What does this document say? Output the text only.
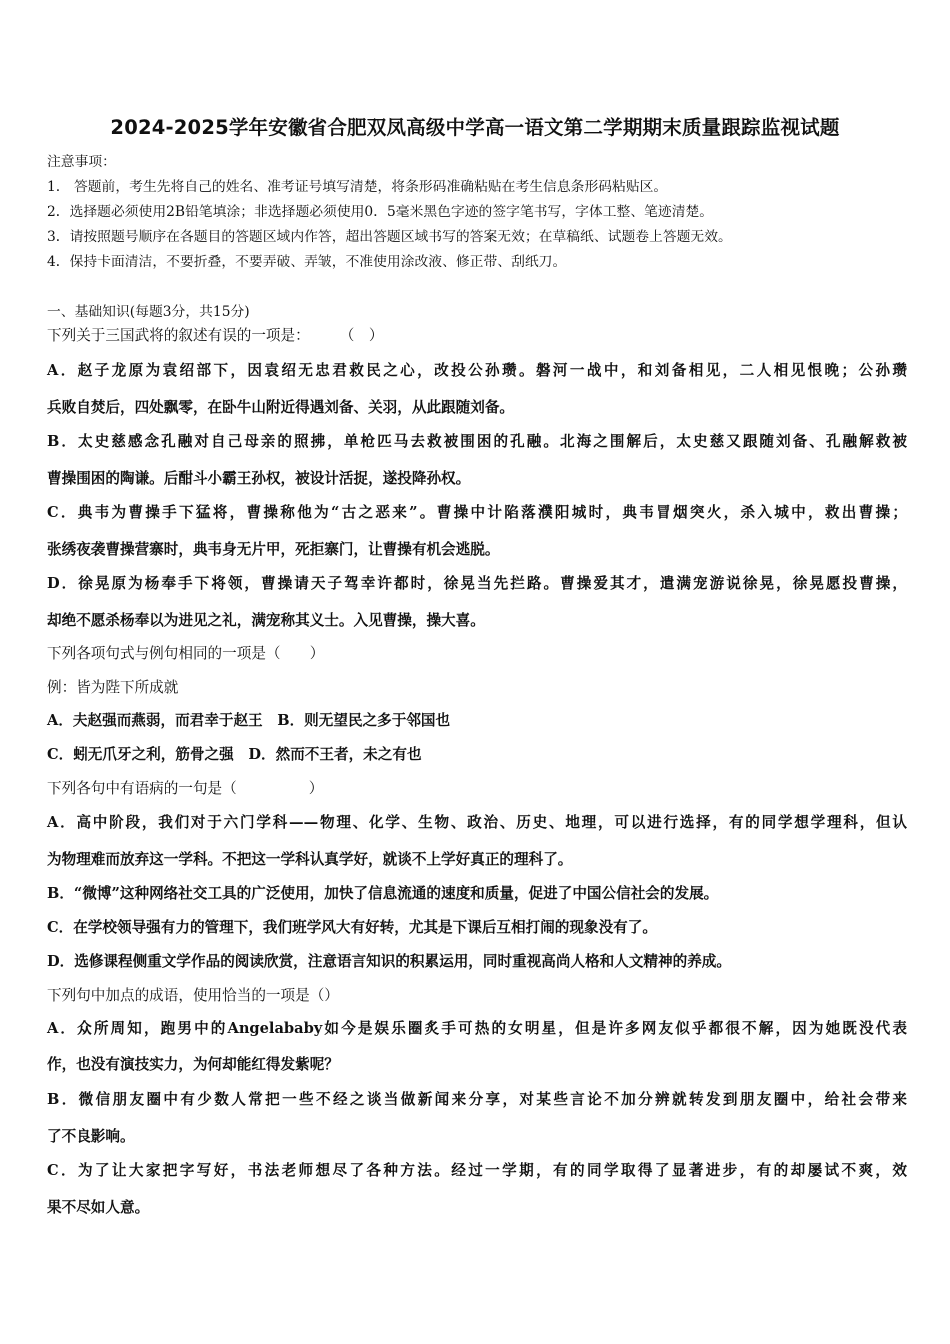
2024-2025学年安徽省合肥双凤高级中学高一语文第二学期期末质量跟踪监视试题
注意事项：
1.　答题前，考生先将自己的姓名、准考证号填写清楚，将条形码准确粘贴在考生信息条形码粘贴区。
2．选择题必须使用2B铅笔填涂；非选择题必须使用0．5毫米黑色字迹的签字笔书写，字体工整、笔迹清楚。
3．请按照题号顺序在各题目的答题区域内作答，超出答题区域书写的答案无效；在草稿纸、试题卷上答题无效。
4．保持卡面清洁，不要折叠，不要弄破、弄皱，不准使用涂改液、修正带、刮纸刀。
一、基础知识(每题3分，共15分)
下列关于三国武将的叙述有误的一项是： （　）
A．赵子龙原为袁绍部下，因袁绍无忠君救民之心，改投公孙瓒。磐河一战中，和刘备相见，二人相见恨晚；公孙瓒
兵败自焚后，四处飘零，在卧牛山附近得遇刘备、关羽，从此跟随刘备。
B．太史慈感念孔融对自己母亲的照拂，单枪匹马去救被围困的孔融。北海之围解后，太史慈又跟随刘备、孔融解救被
曹操围困的陶谦。后酣斗小霸王孙权，被设计活捉，遂投降孙权。
C．典韦为曹操手下猛将，曹操称他为“古之恶来”。曹操中计陷落濮阳城时，典韦冒烟突火，杀入城中，救出曹操；
张绣夜袭曹操营寨时，典韦身无片甲，死拒寨门，让曹操有机会逃脱。
D．徐晃原为杨奉手下将领，曹操请天子驾幸许都时，徐晃当先拦路。曹操爱其才，遣满宠游说徐晃，徐晃愿投曹操，
却绝不愿杀杨奉以为进见之礼，满宠称其义士。入见曹操，操大喜。
下列各项句式与例句相同的一项是（　　）
例：皆为陛下所成就
A．夫赵强而燕弱，而君幸于赵王　 B．则无望民之多于邻国也
C．蚓无爪牙之利，筋骨之强　 D．然而不王者，未之有也
下列各句中有语病的一句是（	）
A．高中阶段，我们对于六门学科——物理、化学、生物、政治、历史、地理，可以进行选择，有的同学想学理科，但认
为物理难而放弃这一学科。不把这一学科认真学好，就谈不上学好真正的理科了。
B．“微博”这种网络社交工具的广泛使用，加快了信息流通的速度和质量，促进了中国公信社会的发展。
C．在学校领导强有力的管理下，我们班学风大有好转，尤其是下课后互相打闹的现象没有了。
D．选修课程侧重文学作品的阅读欣赏，注意语言知识的积累运用，同时重视高尚人格和人文精神的养成。
下列句中加点的成语，使用恰当的一项是（）
A．众所周知，跑男中的Angelababy如今是娱乐圈炙手可热的女明星，但是许多网友似乎都很不解，因为她既没代表
作，也没有演技实力，为何却能红得发紫呢？
B．微信朋友圈中有少数人常把一些不经之谈当做新闻来分享，对某些言论不加分辨就转发到朋友圈中，给社会带来
了不良影响。
C．为了让大家把字写好，书法老师想尽了各种方法。经过一学期，有的同学取得了显著进步，有的却屡试不爽，效
果不尽如人意。
